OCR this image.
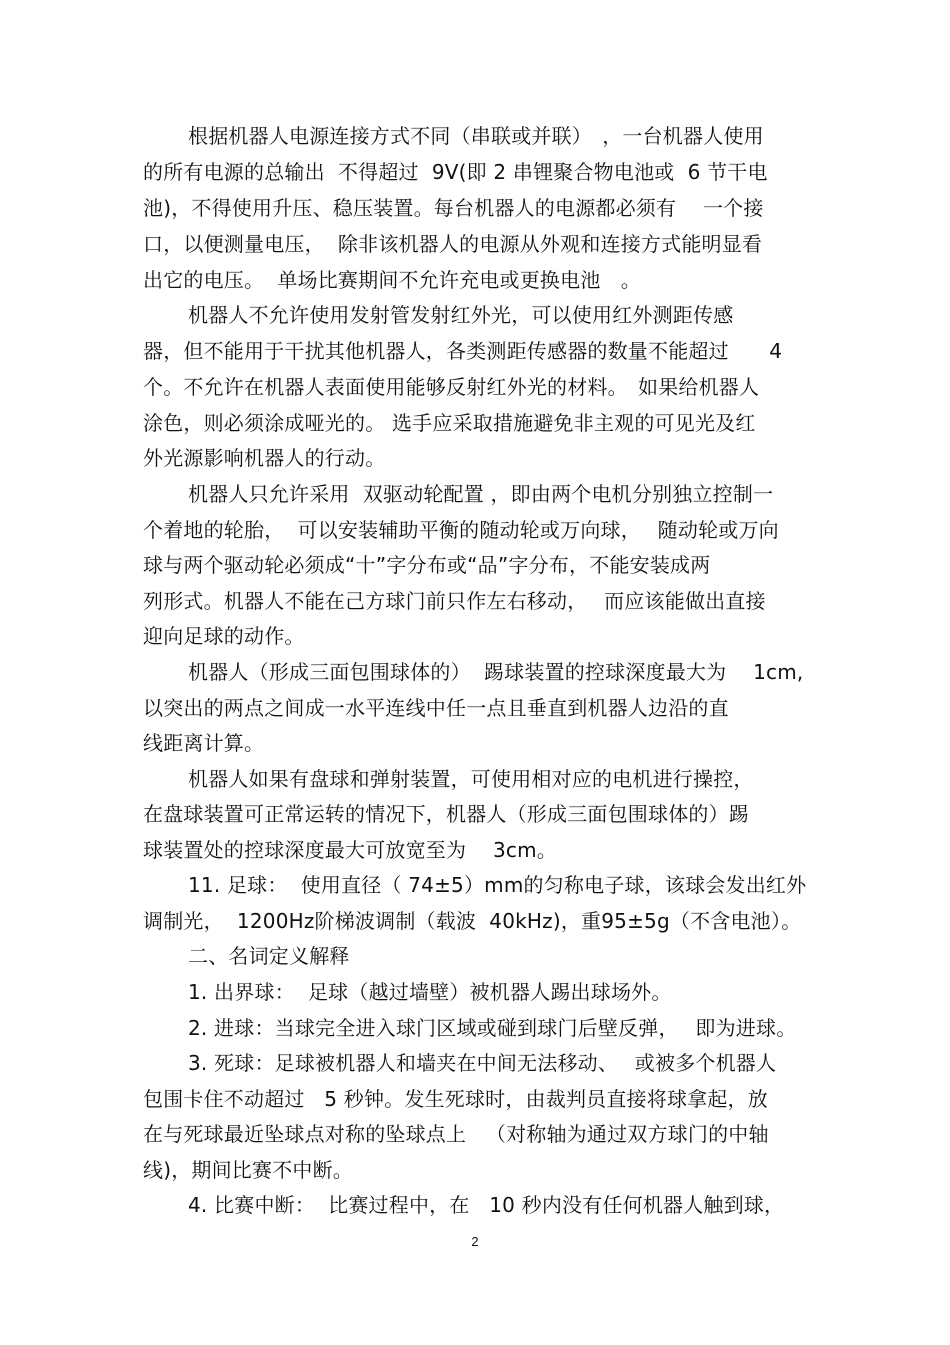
根据机器人电源连接方式不同（串联或并联）　，一台机器人使用
的所有电源的总输出  不得超过  9V(即 2 串锂聚合物电池或  6 节干电
池)，不得使用升压、稳压装置。每台机器人的电源都必须有　 一个接
口，以便测量电压，  除非该机器人的电源从外观和连接方式能明显看
出它的电压。  单场比赛期间不允许充电或更换电池　。
机器人不允许使用发射管发射红外光，可以使用红外测距传感
器，但不能用于干扰其他机器人，各类测距传感器的数量不能超过　　4
个。不允许在机器人表面使用能够反射红外光的材料。　如果给机器人
涂色，则必须涂成哑光的。 选手应采取措施避免非主观的可见光及红
外光源影响机器人的行动。
机器人只允许采用  双驱动轮配置 ，即由两个电机分别独立控制一
个着地的轮胎，  可以安装辅助平衡的随动轮或万向球，　 随动轮或万向
球与两个驱动轮必须成“十”字分布或“品”字分布，不能安装成两
列形式。机器人不能在己方球门前只作左右移动，　 而应该能做出直接
迎向足球的动作。
机器人（形成三面包围球体的）  踢球装置的控球深度最大为　 1cm,
以突出的两点之间成一水平连线中任一点且垂直到机器人边沿的直
线距离计算。
机器人如果有盘球和弹射装置，可使用相对应的电机进行操控，
在盘球装置可正常运转的情况下，机器人（形成三面包围球体的）踢
球装置处的控球深度最大可放宽至为　 3cm。
11. 足球：  使用直径（ 74±5）mm的匀称电子球，该球会发出红外
调制光，  1200Hz阶梯波调制（载波  40kHz)，重95±5g（不含电池）。
二、名词定义解释
1. 出界球：  足球（越过墙壁）被机器人踢出球场外。
2. 进球：当球完全进入球门区域或碰到球门后壁反弹，　 即为进球。
3. 死球：足球被机器人和墙夹在中间无法移动、　 或被多个机器人
包围卡住不动超过   5 秒钟。发生死球时，由裁判员直接将球拿起，放
在与死球最近坠球点对称的坠球点上   （对称轴为通过双方球门的中轴
线)，期间比赛不中断。
4. 比赛中断：  比赛过程中，在   10 秒内没有任何机器人触到球，
2
